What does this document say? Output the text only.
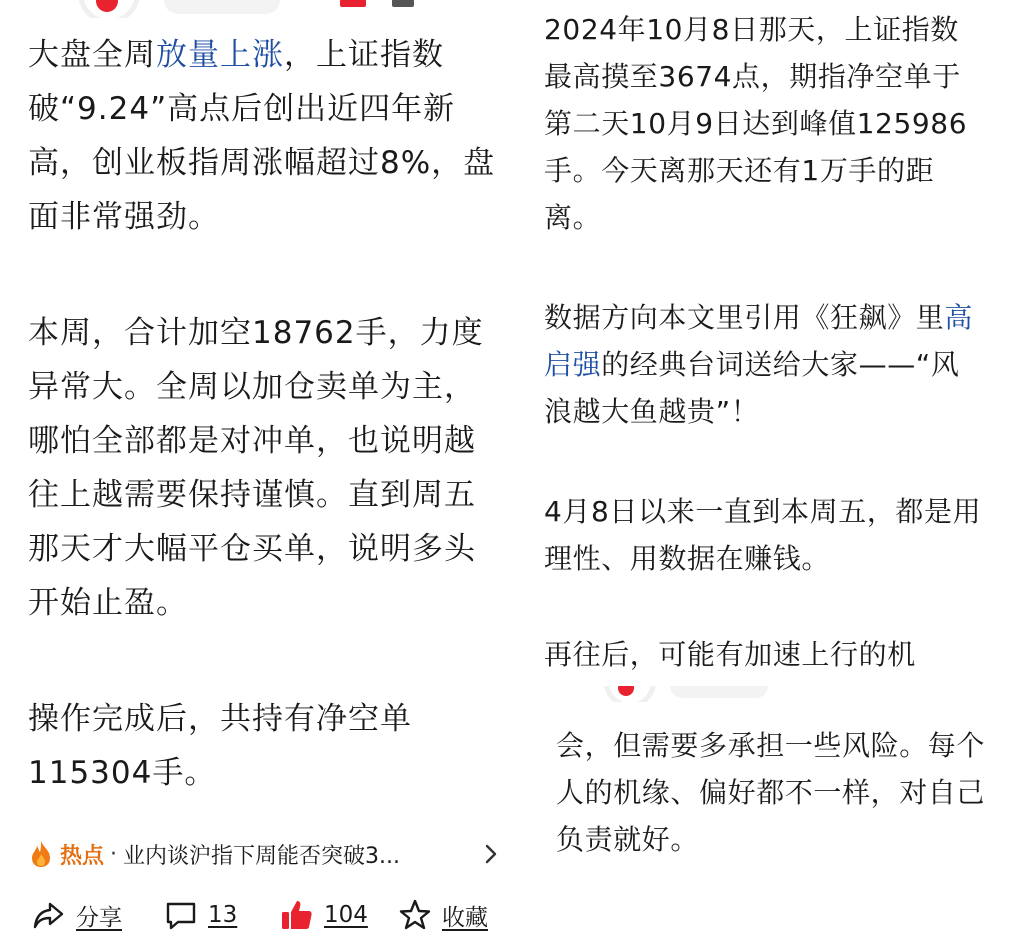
大盘全周放量上涨，上证指数破“9.24”高点后创出近四年新高，创业板指周涨幅超过8%，盘面非常强劲。

本周，合计加空18762手，力度异常大。全周以加仓卖单为主，哪怕全部都是对冲单，也说明越往上越需要保持谨慎。直到周五那天才大幅平仓买单，说明多头开始止盈。

操作完成后，共持有净空单115304手。

热点 · 业内谈沪指下周能否突破3...
分享	13	104	收藏

2024年10月8日那天，上证指数最高摸至3674点，期指净空单于第二天10月9日达到峰值125986手。今天离那天还有1万手的距离。

数据方向本文里引用《狂飙》里高启强的经典台词送给大家——“风浪越大鱼越贵”！

4月8日以来一直到本周五，都是用理性、用数据在赚钱。

再往后，可能有加速上行的机

会，但需要多承担一些风险。每个人的机缘、偏好都不一样，对自己负责就好。
